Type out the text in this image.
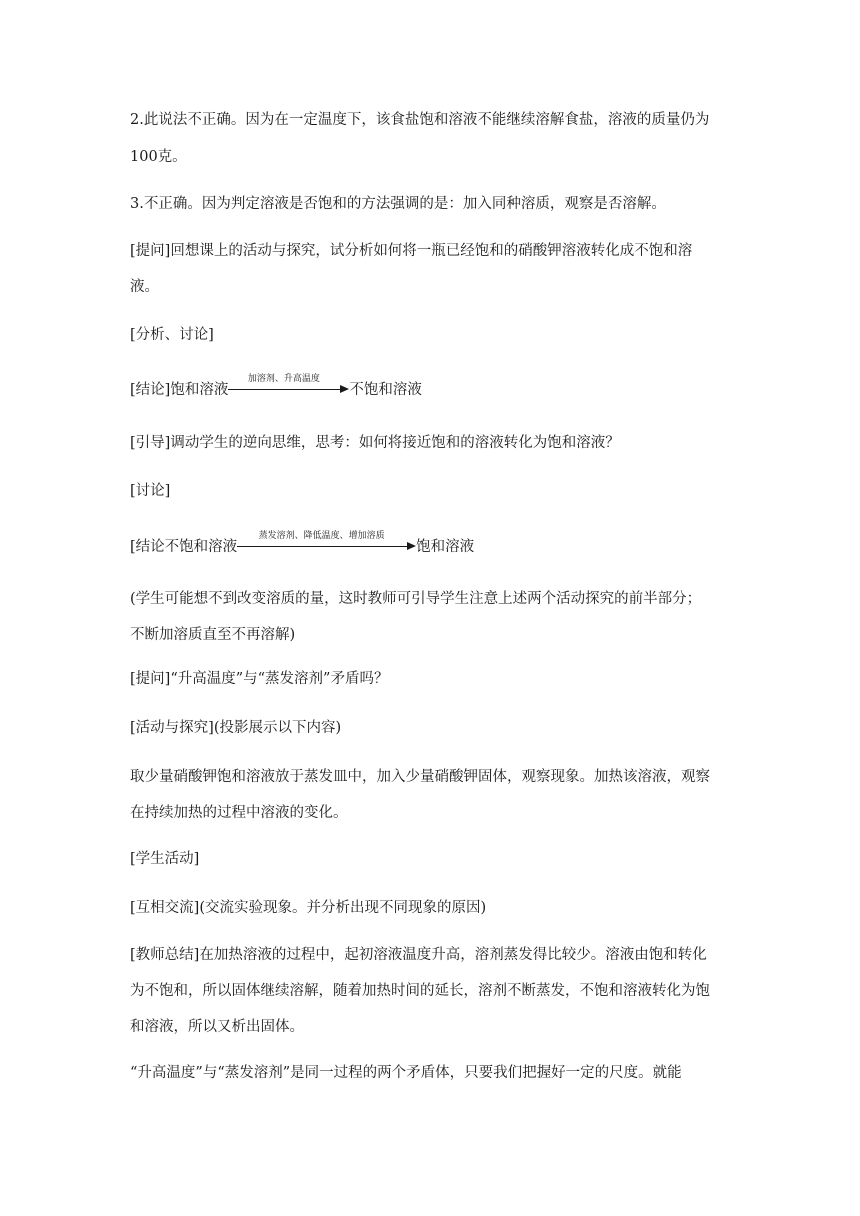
2.此说法不正确。因为在一定温度下，该食盐饱和溶液不能继续溶解食盐，溶液的质量仍为
100克。
3.不正确。因为判定溶液是否饱和的方法强调的是：加入同种溶质，观察是否溶解。
[提问]回想课上的活动与探究，试分析如何将一瓶已经饱和的硝酸钾溶液转化成不饱和溶
液。
[分析、讨论]
[结论]饱和溶液
加溶剂、升高温度
不饱和溶液
[引导]调动学生的逆向思维，思考：如何将接近饱和的溶液转化为饱和溶液？
[讨论]
[结论不饱和溶液
蒸发溶剂、降低温度、增加溶质
饱和溶液
(学生可能想不到改变溶质的量，这时教师可引导学生注意上述两个活动探究的前半部分；
不断加溶质直至不再溶解)
[提问]“升高温度”与“蒸发溶剂”矛盾吗？
[活动与探究](投影展示以下内容)
取少量硝酸钾饱和溶液放于蒸发皿中，加入少量硝酸钾固体，观察现象。加热该溶液，观察
在持续加热的过程中溶液的变化。
[学生活动]
[互相交流](交流实验现象。并分析出现不同现象的原因)
[教师总结]在加热溶液的过程中，起初溶液温度升高，溶剂蒸发得比较少。溶液由饱和转化
为不饱和，所以固体继续溶解，随着加热时间的延长，溶剂不断蒸发，不饱和溶液转化为饱
和溶液，所以又析出固体。
“升高温度”与“蒸发溶剂”是同一过程的两个矛盾体，只要我们把握好一定的尺度。就能
